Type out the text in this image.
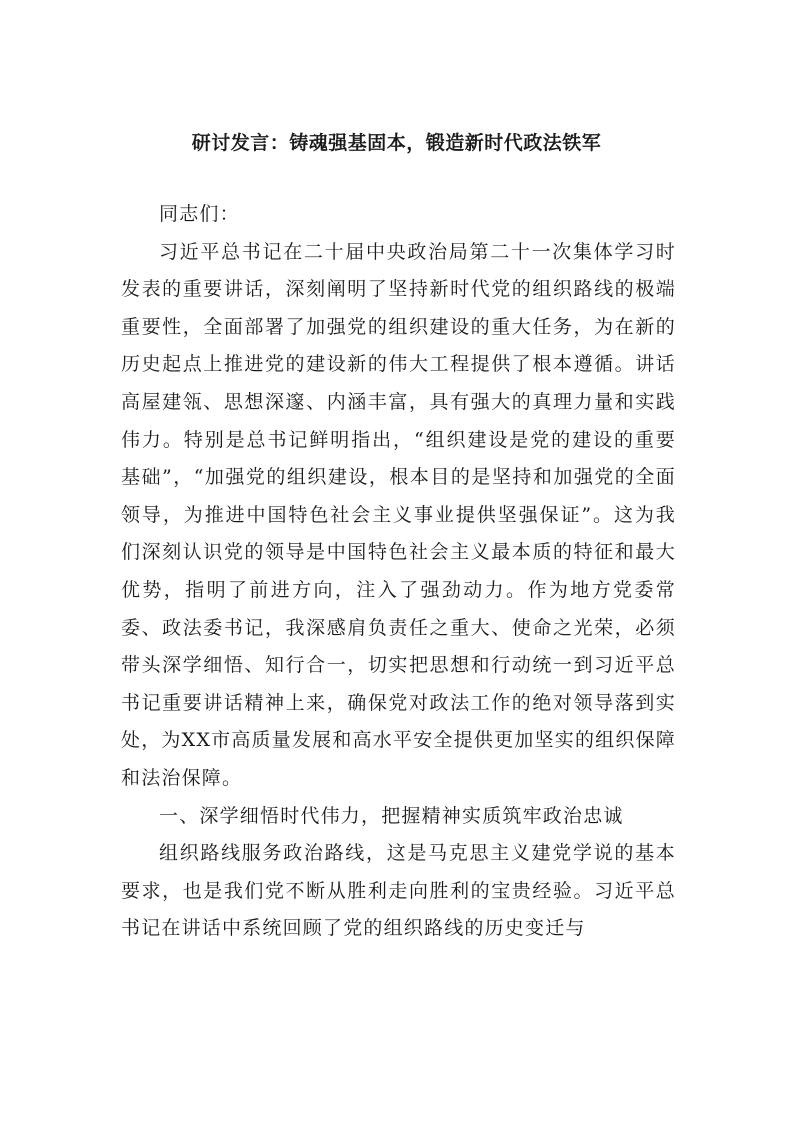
研讨发言：铸魂强基固本，锻造新时代政法铁军

同志们：

习近平总书记在二十届中央政治局第二十一次集体学习时发表的重要讲话，深刻阐明了坚持新时代党的组织路线的极端重要性，全面部署了加强党的组织建设的重大任务，为在新的历史起点上推进党的建设新的伟大工程提供了根本遵循。讲话高屋建瓴、思想深邃、内涵丰富，具有强大的真理力量和实践伟力。特别是总书记鲜明指出，“组织建设是党的建设的重要基础”，“加强党的组织建设，根本目的是坚持和加强党的全面领导，为推进中国特色社会主义事业提供坚强保证”。这为我们深刻认识党的领导是中国特色社会主义最本质的特征和最大优势，指明了前进方向，注入了强劲动力。作为地方党委常委、政法委书记，我深感肩负责任之重大、使命之光荣，必须带头深学细悟、知行合一，切实把思想和行动统一到习近平总书记重要讲话精神上来，确保党对政法工作的绝对领导落到实处，为XX市高质量发展和高水平安全提供更加坚实的组织保障和法治保障。

一、深学细悟时代伟力，把握精神实质筑牢政治忠诚

组织路线服务政治路线，这是马克思主义建党学说的基本要求，也是我们党不断从胜利走向胜利的宝贵经验。习近平总书记在讲话中系统回顾了党的组织路线的历史变迁与
